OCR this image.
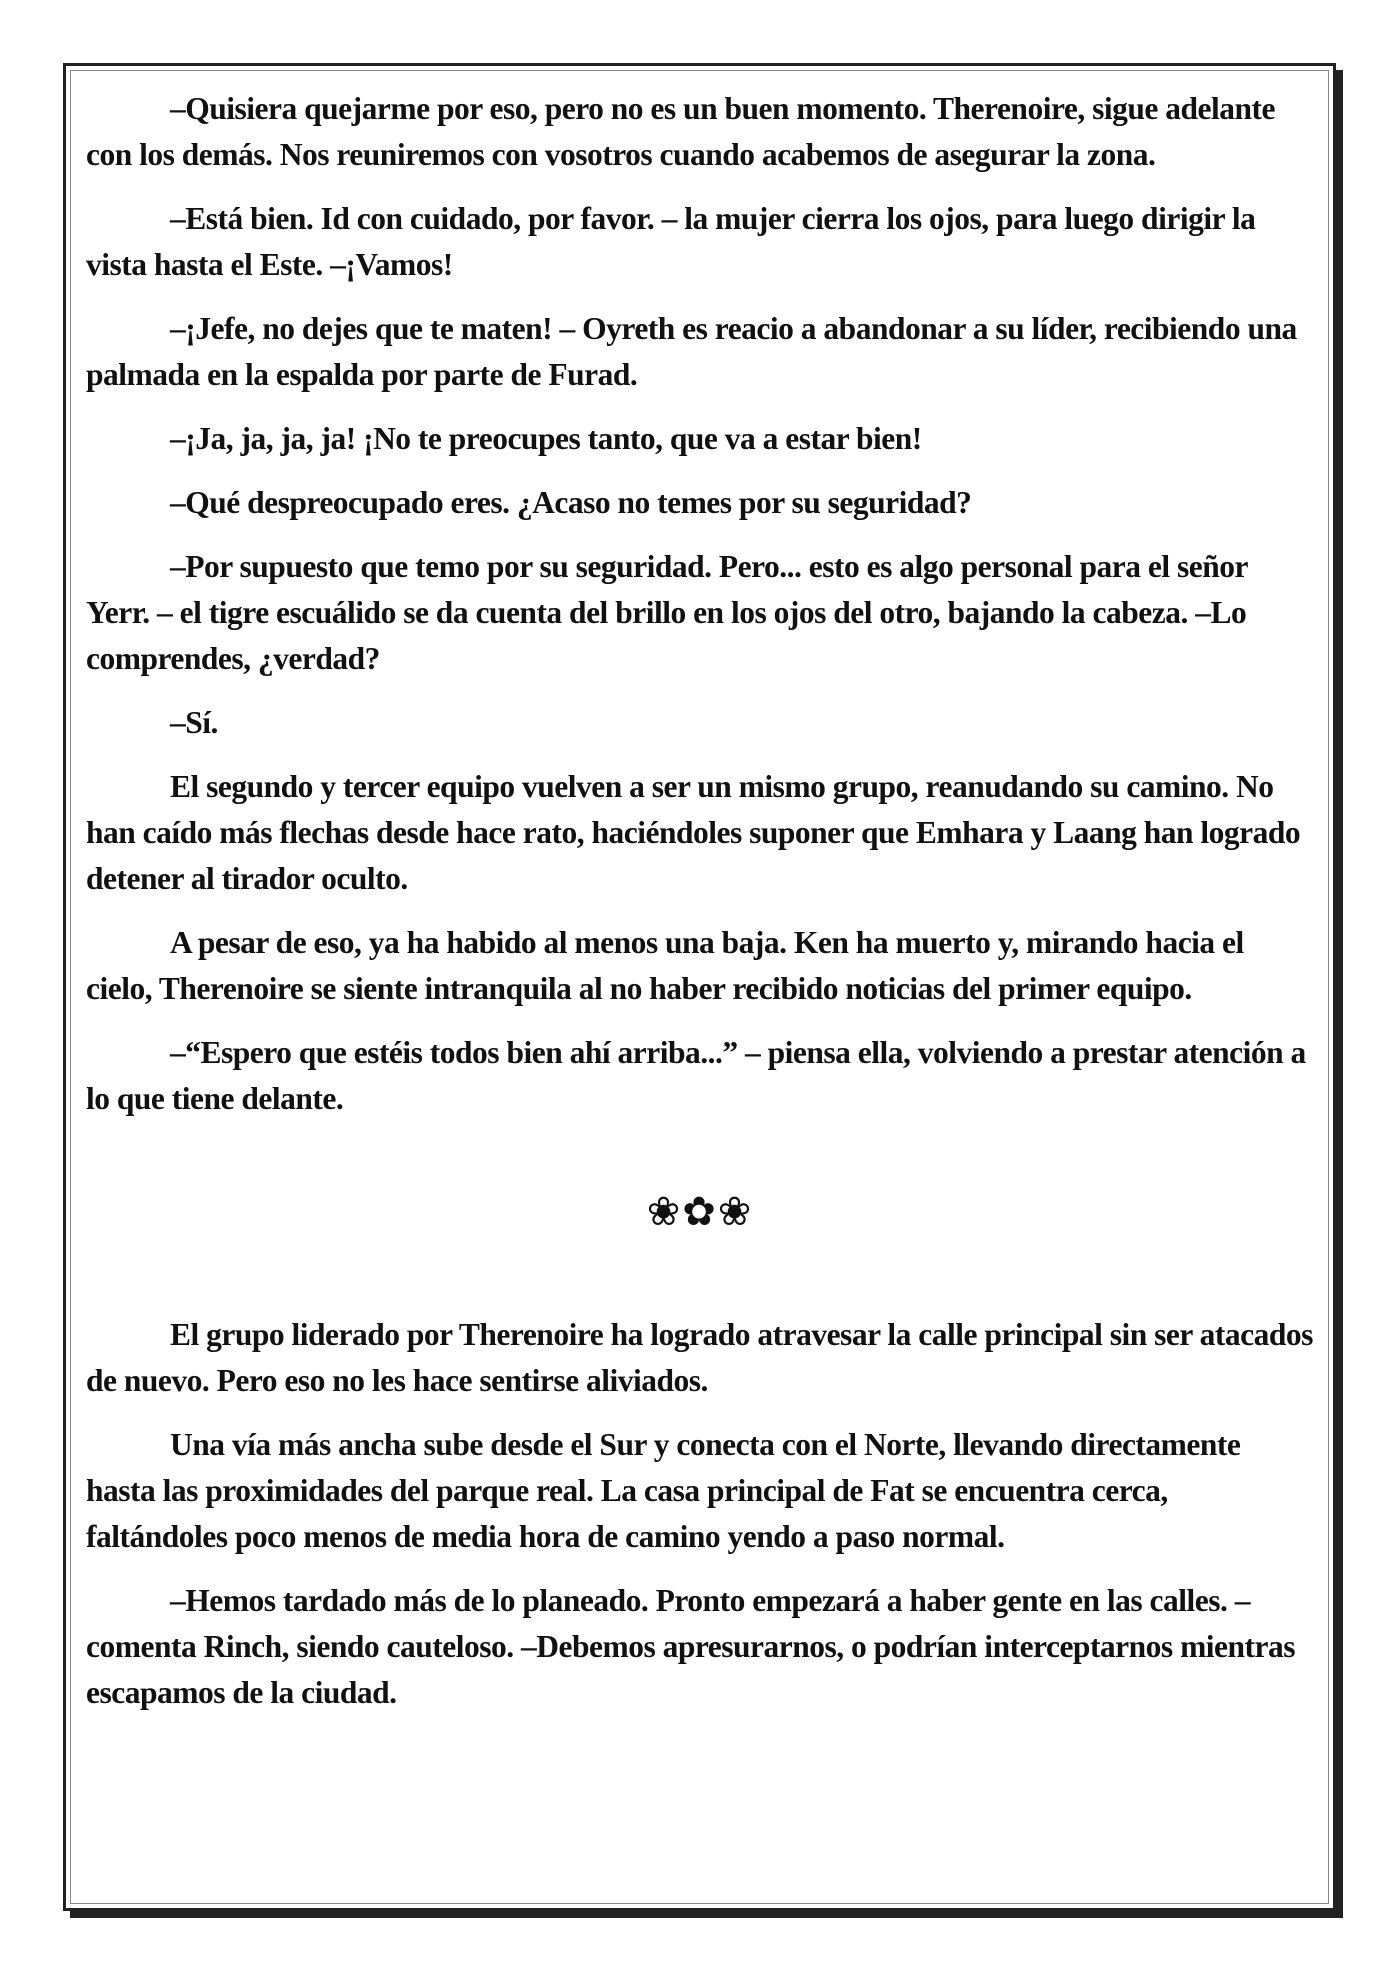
–Quisiera quejarme por eso, pero no es un buen momento. Therenoire, sigue adelante con los demás. Nos reuniremos con vosotros cuando acabemos de asegurar la zona.

–Está bien. Id con cuidado, por favor. – la mujer cierra los ojos, para luego dirigir la vista hasta el Este. –¡Vamos!

–¡Jefe, no dejes que te maten! – Oyreth es reacio a abandonar a su líder, recibiendo una palmada en la espalda por parte de Furad.

–¡Ja, ja, ja, ja! ¡No te preocupes tanto, que va a estar bien!

–Qué despreocupado eres. ¿Acaso no temes por su seguridad?

–Por supuesto que temo por su seguridad. Pero... esto es algo personal para el señor Yerr. – el tigre escuálido se da cuenta del brillo en los ojos del otro, bajando la cabeza. –Lo comprendes, ¿verdad?

–Sí.

El segundo y tercer equipo vuelven a ser un mismo grupo, reanudando su camino. No han caído más flechas desde hace rato, haciéndoles suponer que Emhara y Laang han logrado detener al tirador oculto.

A pesar de eso, ya ha habido al menos una baja. Ken ha muerto y, mirando hacia el cielo, Therenoire se siente intranquila al no haber recibido noticias del primer equipo.

–“Espero que estéis todos bien ahí arriba...” – piensa ella, volviendo a prestar atención a lo que tiene delante.

❀✿❀

El grupo liderado por Therenoire ha logrado atravesar la calle principal sin ser atacados de nuevo. Pero eso no les hace sentirse aliviados.

Una vía más ancha sube desde el Sur y conecta con el Norte, llevando directamente hasta las proximidades del parque real. La casa principal de Fat se encuentra cerca, faltándoles poco menos de media hora de camino yendo a paso normal.

–Hemos tardado más de lo planeado. Pronto empezará a haber gente en las calles. – comenta Rinch, siendo cauteloso. –Debemos apresurarnos, o podrían interceptarnos mientras escapamos de la ciudad.
